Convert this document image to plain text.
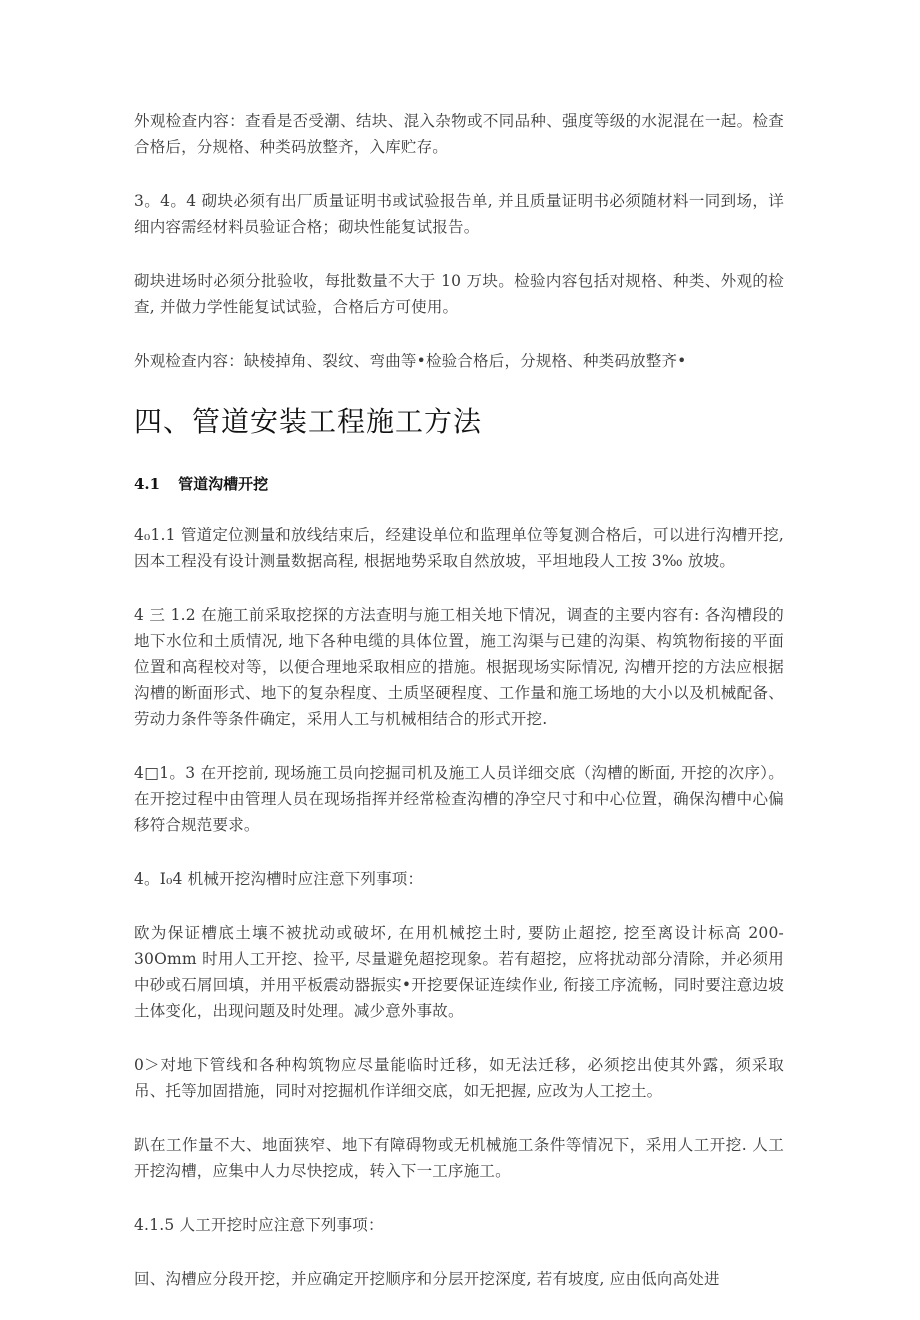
外观检查内容：查看是否受潮、结块、混入杂物或不同品种、强度等级的水泥混在一起。检查合格后，分规格、种类码放整齐，入库贮存。

3。4。4 砌块必须有出厂质量证明书或试验报告单, 并且质量证明书必须随材料一同到场，详细内容需经材料员验证合格；砌块性能复试报告。

砌块进场时必须分批验收，每批数量不大于 10 万块。检验内容包括对规格、种类、外观的检查, 并做力学性能复试试验，合格后方可使用。

外观检查内容：缺棱掉角、裂纹、弯曲等•检验合格后，分规格、种类码放整齐•

四、管道安装工程施工方法
4.1 管道沟槽开挖

4₀1.1 管道定位测量和放线结束后，经建设单位和监理单位等复测合格后，可以进行沟槽开挖, 因本工程没有设计测量数据高程, 根据地势采取自然放坡，平坦地段人工按 3‰ 放坡。

4 三 1.2 在施工前采取挖探的方法查明与施工相关地下情况，调查的主要内容有: 各沟槽段的地下水位和土质情况, 地下各种电缆的具体位置，施工沟渠与已建的沟渠、构筑物衔接的平面位置和高程校对等，以便合理地采取相应的措施。根据现场实际情况, 沟槽开挖的方法应根据沟槽的断面形式、地下的复杂程度、土质坚硬程度、工作量和施工场地的大小以及机械配备、劳动力条件等条件确定，采用人工与机械相结合的形式开挖.

4□1。3 在开挖前, 现场施工员向挖掘司机及施工人员详细交底（沟槽的断面, 开挖的次序）。在开挖过程中由管理人员在现场指挥并经常检查沟槽的净空尺寸和中心位置，确保沟槽中心偏移符合规范要求。

4。I₀4 机械开挖沟槽时应注意下列事项：

欧为保证槽底土壤不被扰动或破坏, 在用机械挖土时, 要防止超挖, 挖至离设计标高 200-30Omm 时用人工开挖、捡平, 尽量避免超挖现象。若有超挖，应将扰动部分清除，并必须用中砂或石屑回填，并用平板震动器振实•开挖要保证连续作业, 衔接工序流畅，同时要注意边坡土体变化，出现问题及时处理。减少意外事故。

0＞对地下管线和各种构筑物应尽量能临时迁移，如无法迁移，必须挖出使其外露，须采取吊、托等加固措施，同时对挖掘机作详细交底，如无把握, 应改为人工挖土。

趴在工作量不大、地面狭窄、地下有障碍物或无机械施工条件等情况下，采用人工开挖. 人工开挖沟槽，应集中人力尽快挖成，转入下一工序施工。

4.1.5 人工开挖时应注意下列事项：

回、沟槽应分段开挖，并应确定开挖顺序和分层开挖深度, 若有坡度, 应由低向高处进
